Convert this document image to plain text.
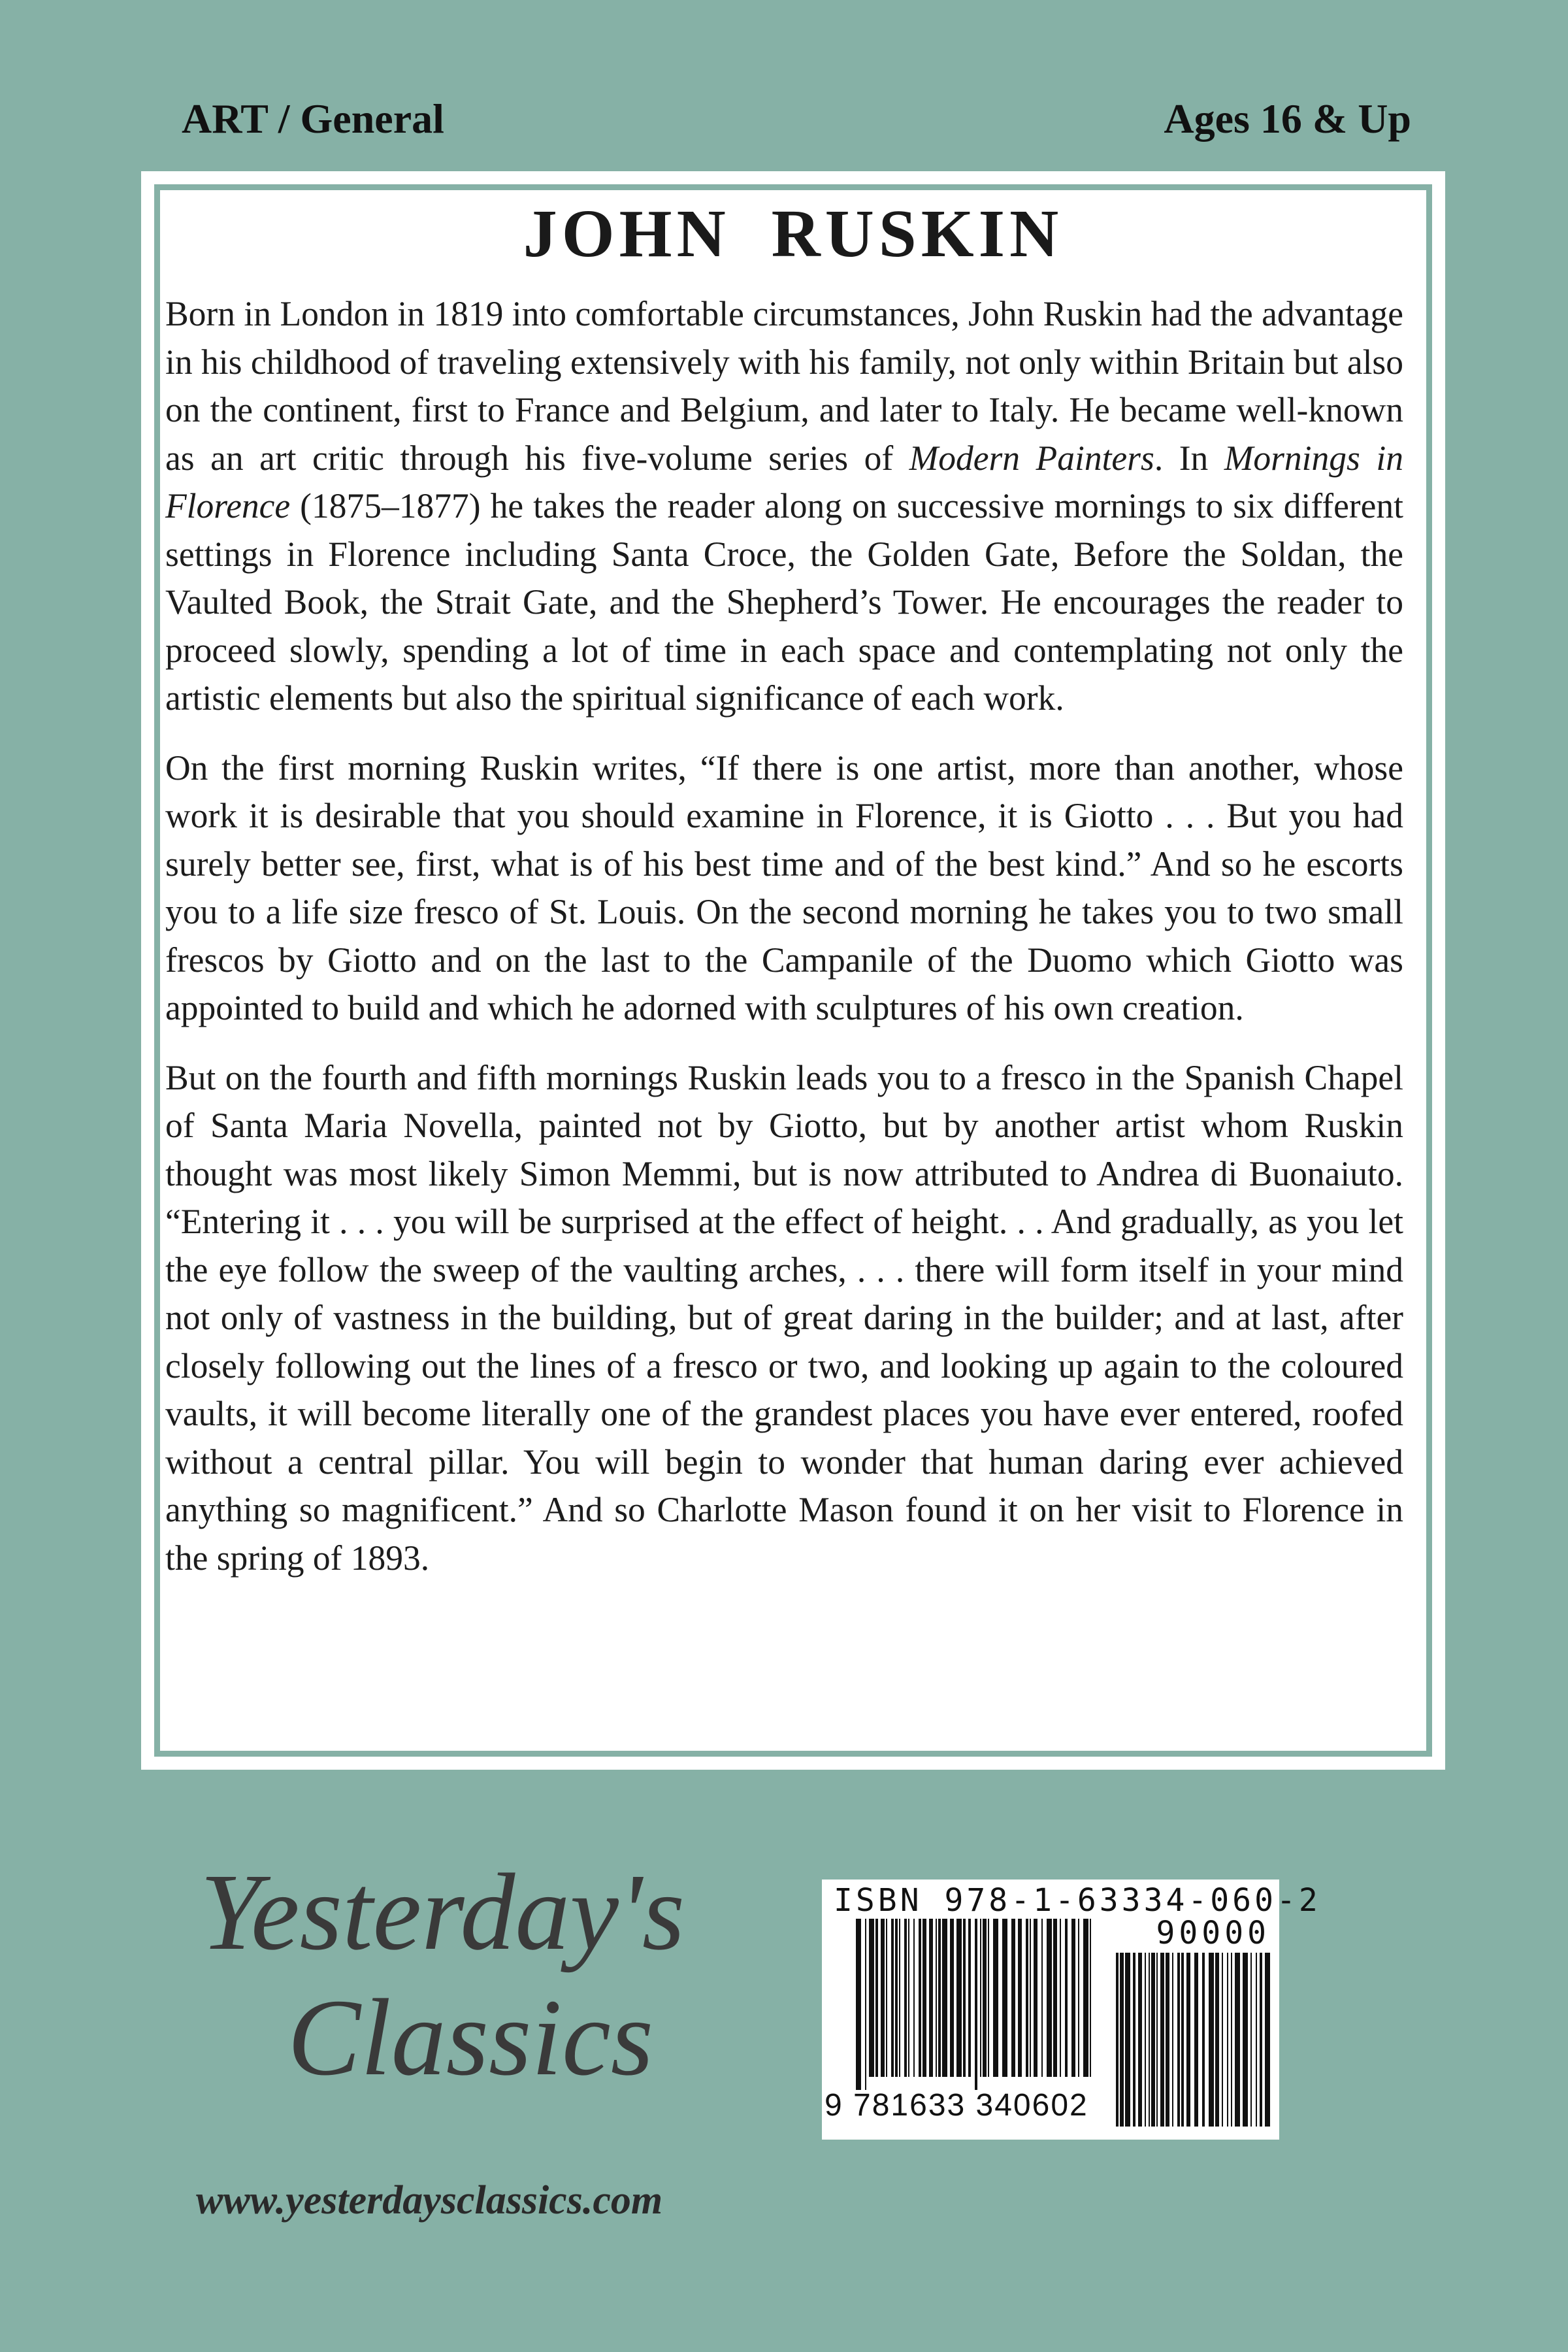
ART / General	Ages 16 & Up
JOHN RUSKIN

Born in London in 1819 into comfortable circumstances, John Ruskin had the advantage in his childhood of traveling extensively with his family, not only within Britain but also on the continent, first to France and Belgium, and later to Italy. He became well-known as an art critic through his five-volume series of Modern Painters. In Mornings in Florence (1875–1877) he takes the reader along on successive mornings to six different settings in Florence including Santa Croce, the Golden Gate, Before the Soldan, the Vaulted Book, the Strait Gate, and the Shepherd’s Tower. He encourages the reader to proceed slowly, spending a lot of time in each space and contemplating not only the artistic elements but also the spiritual significance of each work.

On the first morning Ruskin writes, “If there is one artist, more than another, whose work it is desirable that you should examine in Florence, it is Giotto . . . But you had surely better see, first, what is of his best time and of the best kind.” And so he escorts you to a life size fresco of St. Louis. On the second morning he takes you to two small frescos by Giotto and on the last to the Campanile of the Duomo which Giotto was appointed to build and which he adorned with sculptures of his own creation.

But on the fourth and fifth mornings Ruskin leads you to a fresco in the Spanish Chapel of Santa Maria Novella, painted not by Giotto, but by another artist whom Ruskin thought was most likely Simon Memmi, but is now attributed to Andrea di Buonaiuto. “Entering it . . . you will be surprised at the effect of height. . . And gradually, as you let the eye follow the sweep of the vaulting arches, . . . there will form itself in your mind not only of vastness in the building, but of great daring in the builder; and at last, after closely following out the lines of a fresco or two, and looking up again to the coloured vaults, it will become literally one of the grandest places you have ever entered, roofed without a central pillar. You will begin to wonder that human daring ever achieved anything so magnificent.” And so Charlotte Mason found it on her visit to Florence in the spring of 1893.

Yesterday's
Classics
www.yesterdaysclassics.com
ISBN 978-1-63334-060-2
90000
9 781633 340602
